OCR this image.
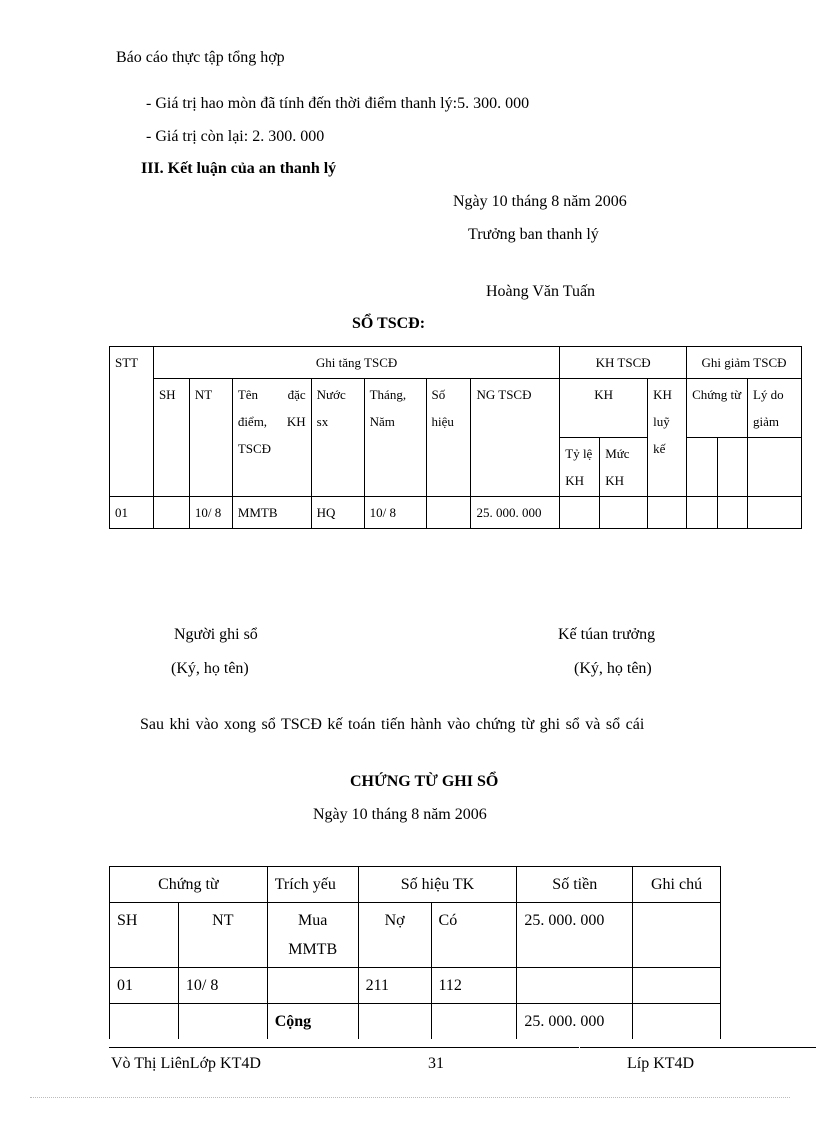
Báo cáo thực tập tổng hợp
- Giá trị hao mòn đã tính đến thời điểm thanh lý:5. 300. 000
- Giá trị còn lại: 2. 300. 000
III. Kết luận của an thanh lý
Ngày 10 tháng 8 năm 2006
Trưởng ban thanh lý
Hoàng Văn Tuấn
SỔ TSCĐ:
STT	Ghi tăng TSCĐ							KH TSCĐ			Ghi giảm TSCĐ		
	SH	NT	Tên đặc điểm, KH TSCĐ	Nước sx	Tháng, Năm	Số hiệu	NG TSCĐ	KH		KH luỹ kế	Chứng từ		Lý do giảm
								Tỷ lệ KH	Mức KH				
01		10/ 8	MMTB	HQ	10/ 8		25. 000. 000						
Người ghi sổ
(Ký, họ tên)
Kế túan trưởng
(Ký, họ tên)
Sau khi vào xong sổ TSCĐ kế toán tiến hành vào chứng từ ghi sổ và sổ cái
CHỨNG TỪ GHI SỔ
Ngày 10 tháng 8 năm 2006
Chứng từ		Trích yếu	Số hiệu TK		Số tiền	Ghi chú
SH	NT	Mua MMTB	Nợ	Có	25. 000. 000	
01	10/ 8		211	112		
		Cộng			25. 000. 000	
Vò Thị LiênLớp KT4D	31	Líp KT4D
